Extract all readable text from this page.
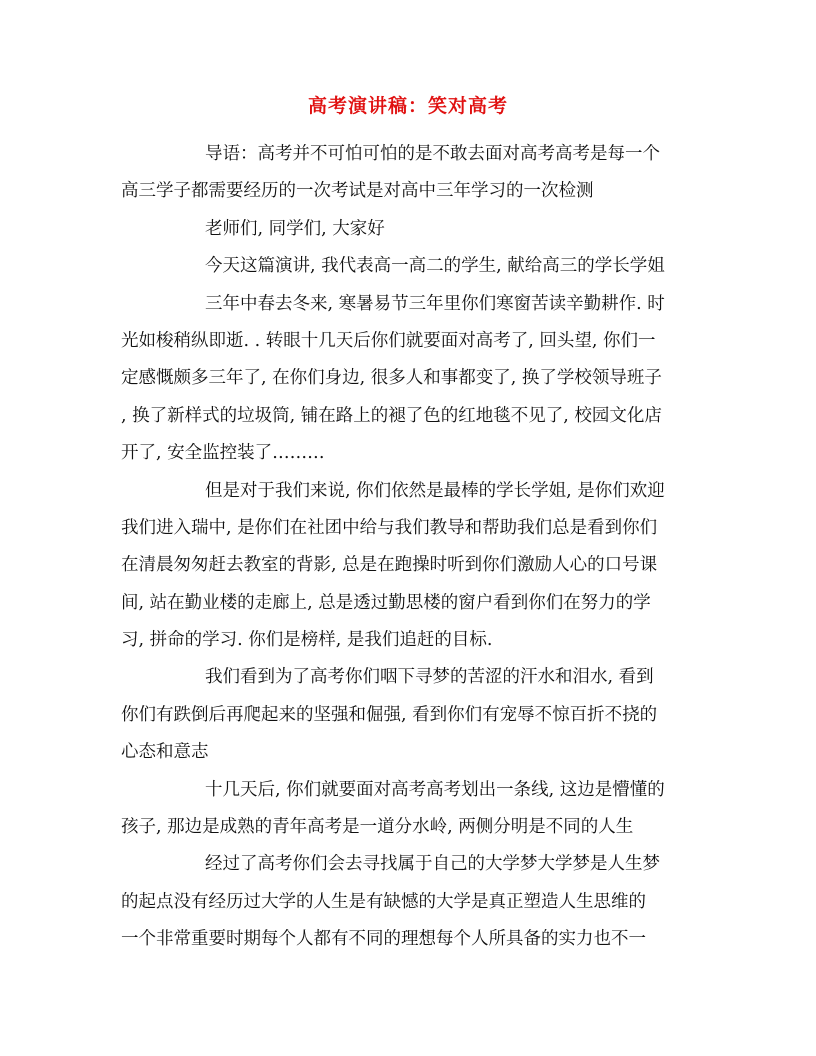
高考演讲稿：笑对高考
导语：高考并不可怕可怕的是不敢去面对高考高考是每一个
高三学子都需要经历的一次考试是对高中三年学习的一次检测
老师们, 同学们, 大家好
今天这篇演讲, 我代表高一高二的学生, 献给高三的学长学姐
三年中春去冬来, 寒暑易节三年里你们寒窗苦读辛勤耕作. 时
光如梭稍纵即逝. . 转眼十几天后你们就要面对高考了, 回头望, 你们一
定感慨颇多三年了, 在你们身边, 很多人和事都变了, 换了学校领导班子
, 换了新样式的垃圾筒, 铺在路上的褪了色的红地毯不见了, 校园文化店
开了, 安全监控装了………
但是对于我们来说, 你们依然是最棒的学长学姐, 是你们欢迎
我们进入瑞中, 是你们在社团中给与我们教导和帮助我们总是看到你们
在清晨匆匆赶去教室的背影, 总是在跑操时听到你们激励人心的口号课
间, 站在勤业楼的走廊上, 总是透过勤思楼的窗户看到你们在努力的学
习, 拼命的学习. 你们是榜样, 是我们追赶的目标.
我们看到为了高考你们咽下寻梦的苦涩的汗水和泪水, 看到
你们有跌倒后再爬起来的坚强和倔强, 看到你们有宠辱不惊百折不挠的
心态和意志
十几天后, 你们就要面对高考高考划出一条线, 这边是懵懂的
孩子, 那边是成熟的青年高考是一道分水岭, 两侧分明是不同的人生
经过了高考你们会去寻找属于自己的大学梦大学梦是人生梦
的起点没有经历过大学的人生是有缺憾的大学是真正塑造人生思维的
一个非常重要时期每个人都有不同的理想每个人所具备的实力也不一
